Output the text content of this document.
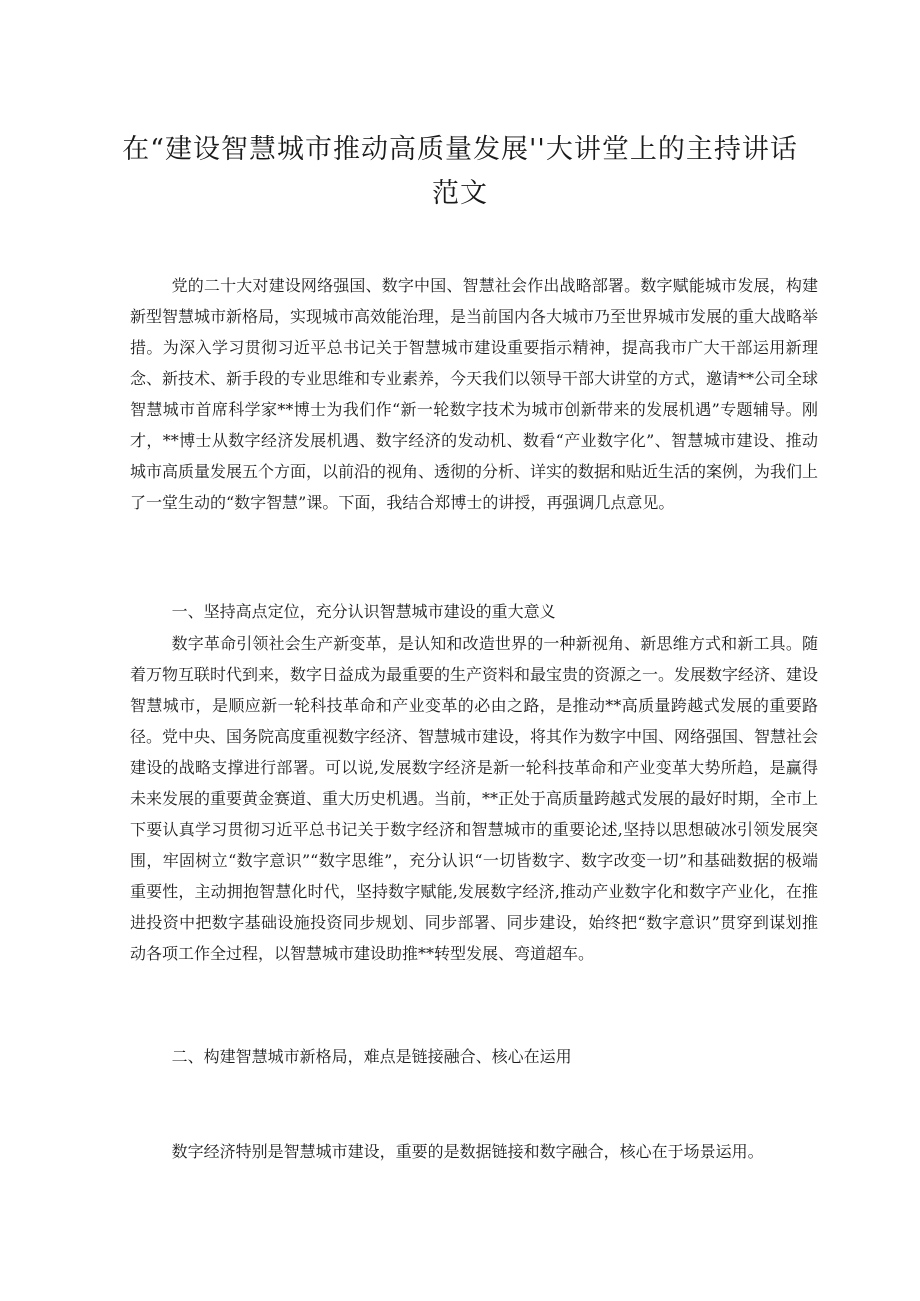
在“建设智慧城市推动高质量发展''大讲堂上的主持讲话范文

党的二十大对建设网络强国、数字中国、智慧社会作出战略部署。数字赋能城市发展，构建新型智慧城市新格局，实现城市高效能治理，是当前国内各大城市乃至世界城市发展的重大战略举措。为深入学习贯彻习近平总书记关于智慧城市建设重要指示精神，提高我市广大干部运用新理念、新技术、新手段的专业思维和专业素养，今天我们以领导干部大讲堂的方式，邀请**公司全球智慧城市首席科学家**博士为我们作“新一轮数字技术为城市创新带来的发展机遇”专题辅导。刚才，**博士从数字经济发展机遇、数字经济的发动机、数看“产业数字化”、智慧城市建设、推动城市高质量发展五个方面，以前沿的视角、透彻的分析、详实的数据和贴近生活的案例，为我们上了一堂生动的“数字智慧”课。下面，我结合郑博士的讲授，再强调几点意见。

一、坚持高点定位，充分认识智慧城市建设的重大意义

数字革命引领社会生产新变革，是认知和改造世界的一种新视角、新思维方式和新工具。随着万物互联时代到来，数字日益成为最重要的生产资料和最宝贵的资源之一。发展数字经济、建设智慧城市，是顺应新一轮科技革命和产业变革的必由之路，是推动**高质量跨越式发展的重要路径。党中央、国务院高度重视数字经济、智慧城市建设，将其作为数字中国、网络强国、智慧社会建设的战略支撑进行部署。可以说,发展数字经济是新一轮科技革命和产业变革大势所趋，是赢得未来发展的重要黄金赛道、重大历史机遇。当前，**正处于高质量跨越式发展的最好时期，全市上下要认真学习贯彻习近平总书记关于数字经济和智慧城市的重要论述,坚持以思想破冰引领发展突围，牢固树立“数字意识”“数字思维”，充分认识“一切皆数字、数字改变一切”和基础数据的极端重要性，主动拥抱智慧化时代，坚持数字赋能,发展数字经济,推动产业数字化和数字产业化，在推进投资中把数字基础设施投资同步规划、同步部署、同步建设，始终把“数字意识”贯穿到谋划推动各项工作全过程，以智慧城市建设助推**转型发展、弯道超车。

二、构建智慧城市新格局，难点是链接融合、核心在运用

数字经济特别是智慧城市建设，重要的是数据链接和数字融合，核心在于场景运用。
